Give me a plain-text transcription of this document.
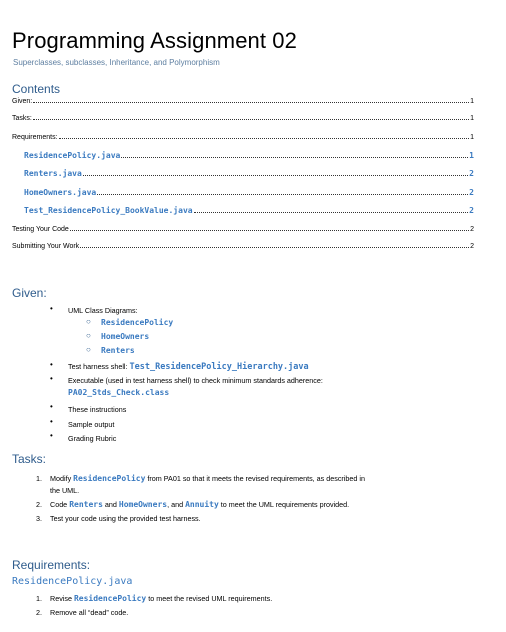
Programming Assignment 02
Superclasses, subclasses, Inheritance, and Polymorphism
Contents
Given:	1
Tasks:	1
Requirements:	1
ResidencePolicy.java	1
Renters.java	2
HomeOwners.java	2
Test_ResidencePolicy_BookValue.java	2
Testing Your Code	2
Submitting Your Work	2
Given:
• UML Class Diagrams:
○ ResidencePolicy
○ HomeOwners
○ Renters
• Test harness shell: Test_ResidencePolicy_Hierarchy.java
• Executable (used in test harness shell) to check minimum standards adherence:
PA02_Stds_Check.class
• These instructions
• Sample output
• Grading Rubric
Tasks:
1. Modify ResidencePolicy from PA01 so that it meets the revised requirements, as described in
the UML.
2. Code Renters and HomeOwners, and Annuity to meet the UML requirements provided.
3. Test your code using the provided test harness.
Requirements:
ResidencePolicy.java
1. Revise ResidencePolicy to meet the revised UML requirements.
2. Remove all “dead” code.
